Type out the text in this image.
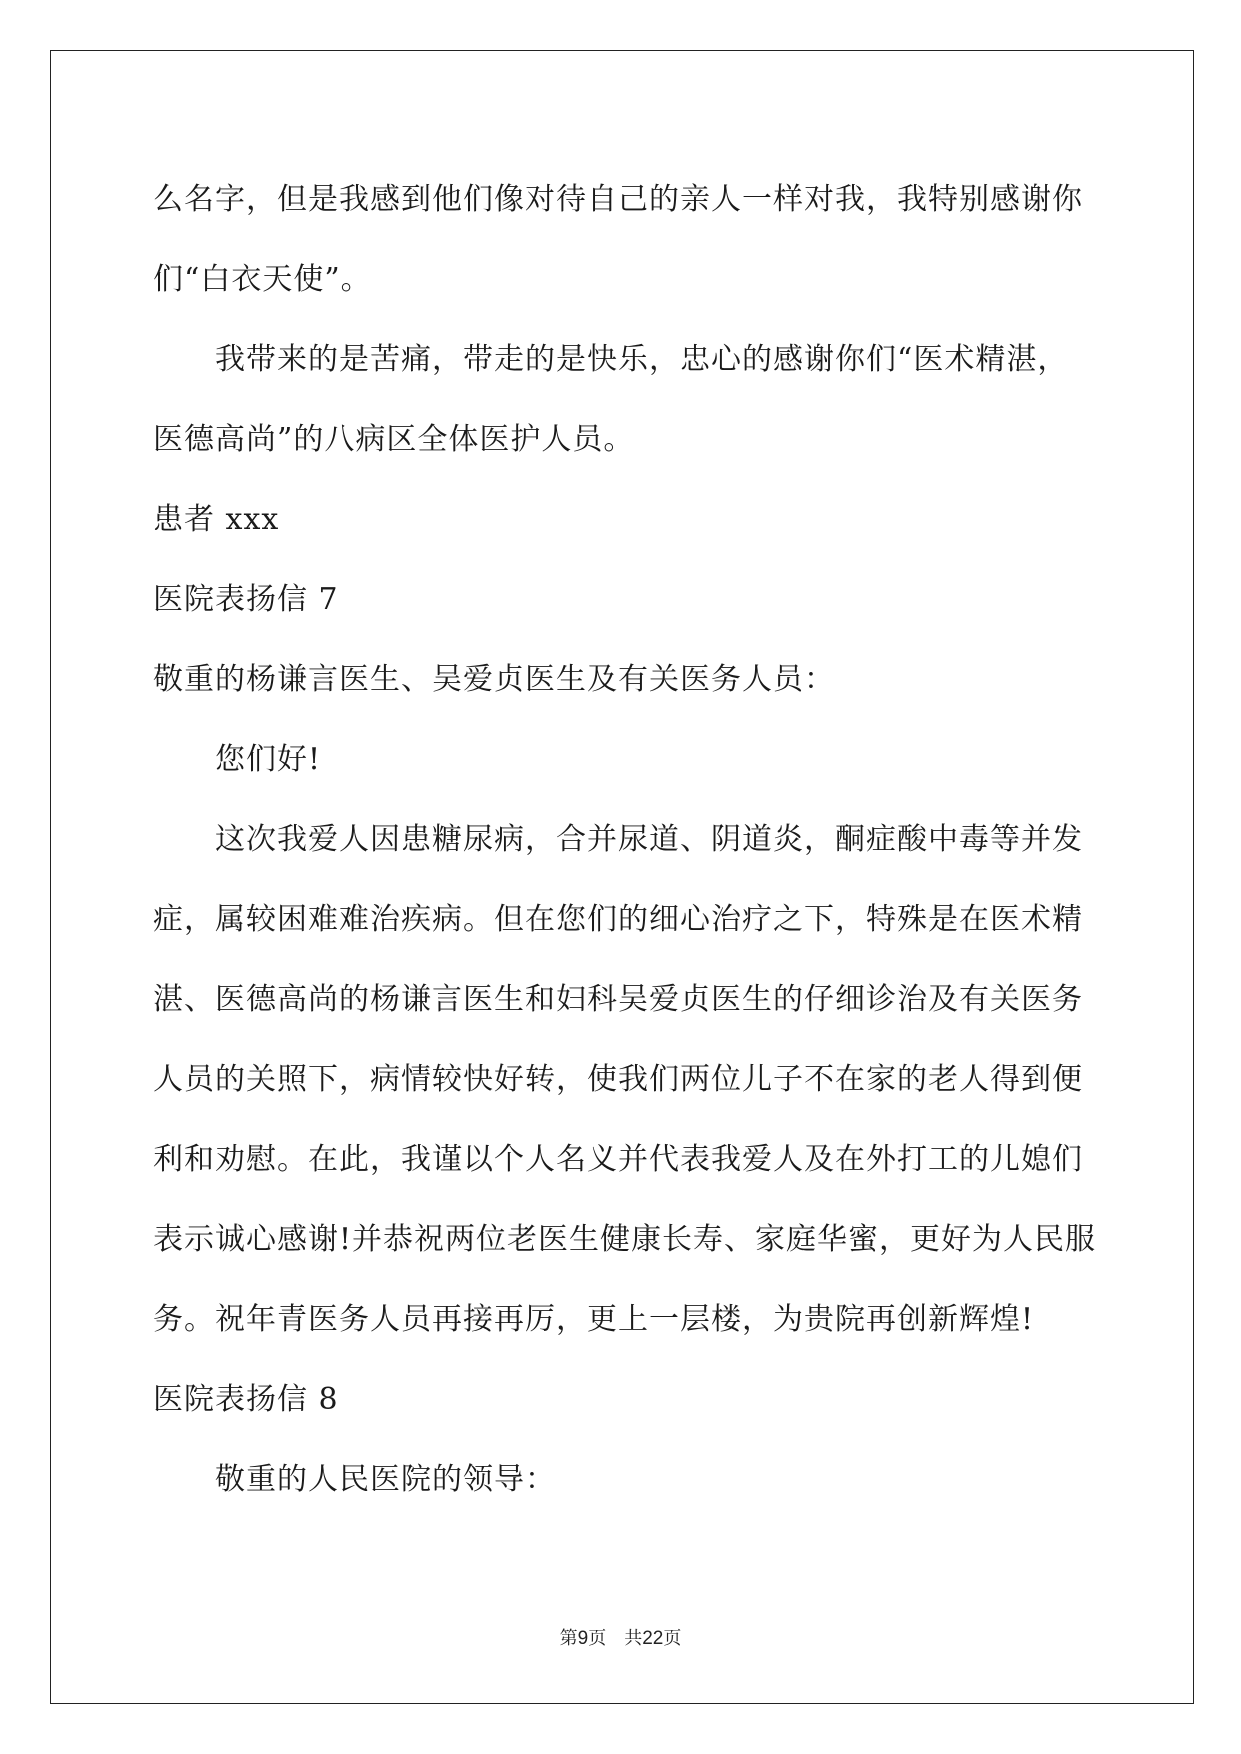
么名字，但是我感到他们像对待自己的亲人一样对我，我特别感谢你
们“白衣天使”。
我带来的是苦痛，带走的是快乐，忠心的感谢你们“医术精湛，
医德高尚”的八病区全体医护人员。
患者 xxx
医院表扬信 7
敬重的杨谦言医生、吴爱贞医生及有关医务人员：
您们好!
这次我爱人因患糖尿病，合并尿道、阴道炎，酮症酸中毒等并发
症，属较困难难治疾病。但在您们的细心治疗之下，特殊是在医术精
湛、医德高尚的杨谦言医生和妇科吴爱贞医生的仔细诊治及有关医务
人员的关照下，病情较快好转，使我们两位儿子不在家的老人得到便
利和劝慰。在此，我谨以个人名义并代表我爱人及在外打工的儿媳们
表示诚心感谢!并恭祝两位老医生健康长寿、家庭华蜜，更好为人民服
务。祝年青医务人员再接再厉，更上一层楼，为贵院再创新辉煌!
医院表扬信 8
敬重的人民医院的领导：
第9页 共22页
